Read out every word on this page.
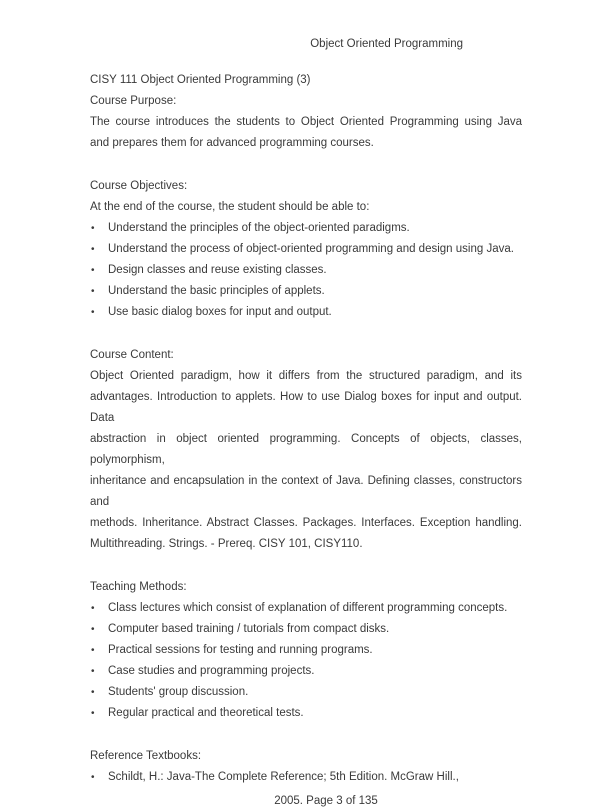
Object Oriented Programming
CISY 111 Object Oriented Programming (3)
Course Purpose:
The course introduces the students to Object Oriented Programming using Java
and prepares them for advanced programming courses.
Course Objectives:
At the end of the course, the student should be able to:
• Understand the principles of the object-oriented paradigms.
• Understand the process of object-oriented programming and design using Java.
• Design classes and reuse existing classes.
• Understand the basic principles of applets.
• Use basic dialog boxes for input and output.
Course Content:
Object Oriented paradigm, how it differs from the structured paradigm, and its
advantages. Introduction to applets. How to use Dialog boxes for input and output. Data
abstraction in object oriented programming. Concepts of objects, classes, polymorphism,
inheritance and encapsulation in the context of Java. Defining classes, constructors and
methods. Inheritance. Abstract Classes. Packages. Interfaces. Exception handling.
Multithreading. Strings. - Prereq. CISY 101, CISY110.
Teaching Methods:
• Class lectures which consist of explanation of different programming concepts.
• Computer based training / tutorials from compact disks.
• Practical sessions for testing and running programs.
• Case studies and programming projects.
• Students' group discussion.
• Regular practical and theoretical tests.
Reference Textbooks:
• Schildt, H.: Java-The Complete Reference; 5th Edition. McGraw Hill.,
2005. Page 3 of 135
